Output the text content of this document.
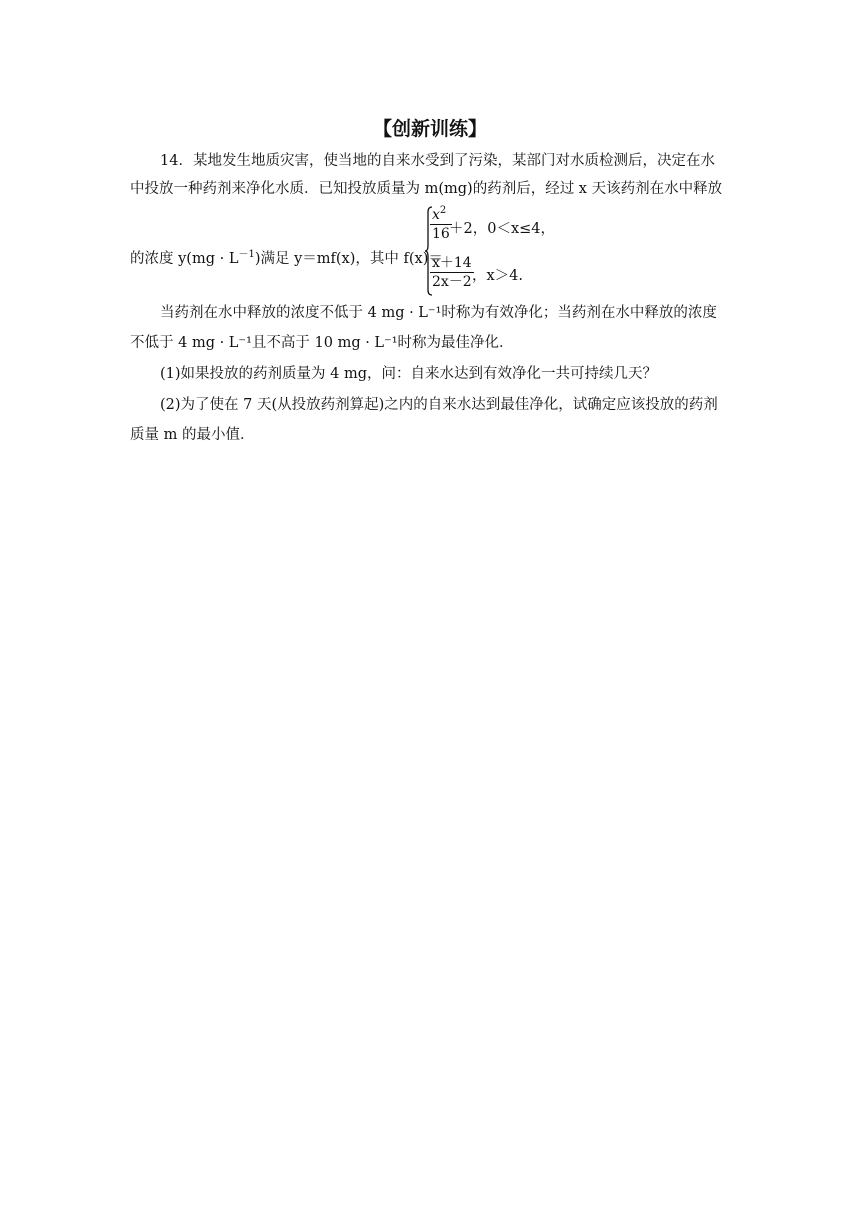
【创新训练】
14．某地发生地质灾害，使当地的自来水受到了污染，某部门对水质检测后，决定在水
中投放一种药剂来净化水质．已知投放质量为 m(mg)的药剂后，经过 x 天该药剂在水中释放
的浓度 $y(mg \cdot L^{-1})$满足 y＝mf(x)，其中 f(x)＝
$x^2$
16 ＋2，0＜x≤4，
x＋14
2x－2 ，x＞4.
当药剂在水中释放的浓度不低于 4 mg · L⁻¹时称为有效净化；当药剂在水中释放的浓度
不低于 4 mg · L⁻¹且不高于 10 mg · L⁻¹时称为最佳净化．
(1)如果投放的药剂质量为 4 mg，问：自来水达到有效净化一共可持续几天？
(2)为了使在 7 天(从投放药剂算起)之内的自来水达到最佳净化，试确定应该投放的药剂
质量 m 的最小值．
